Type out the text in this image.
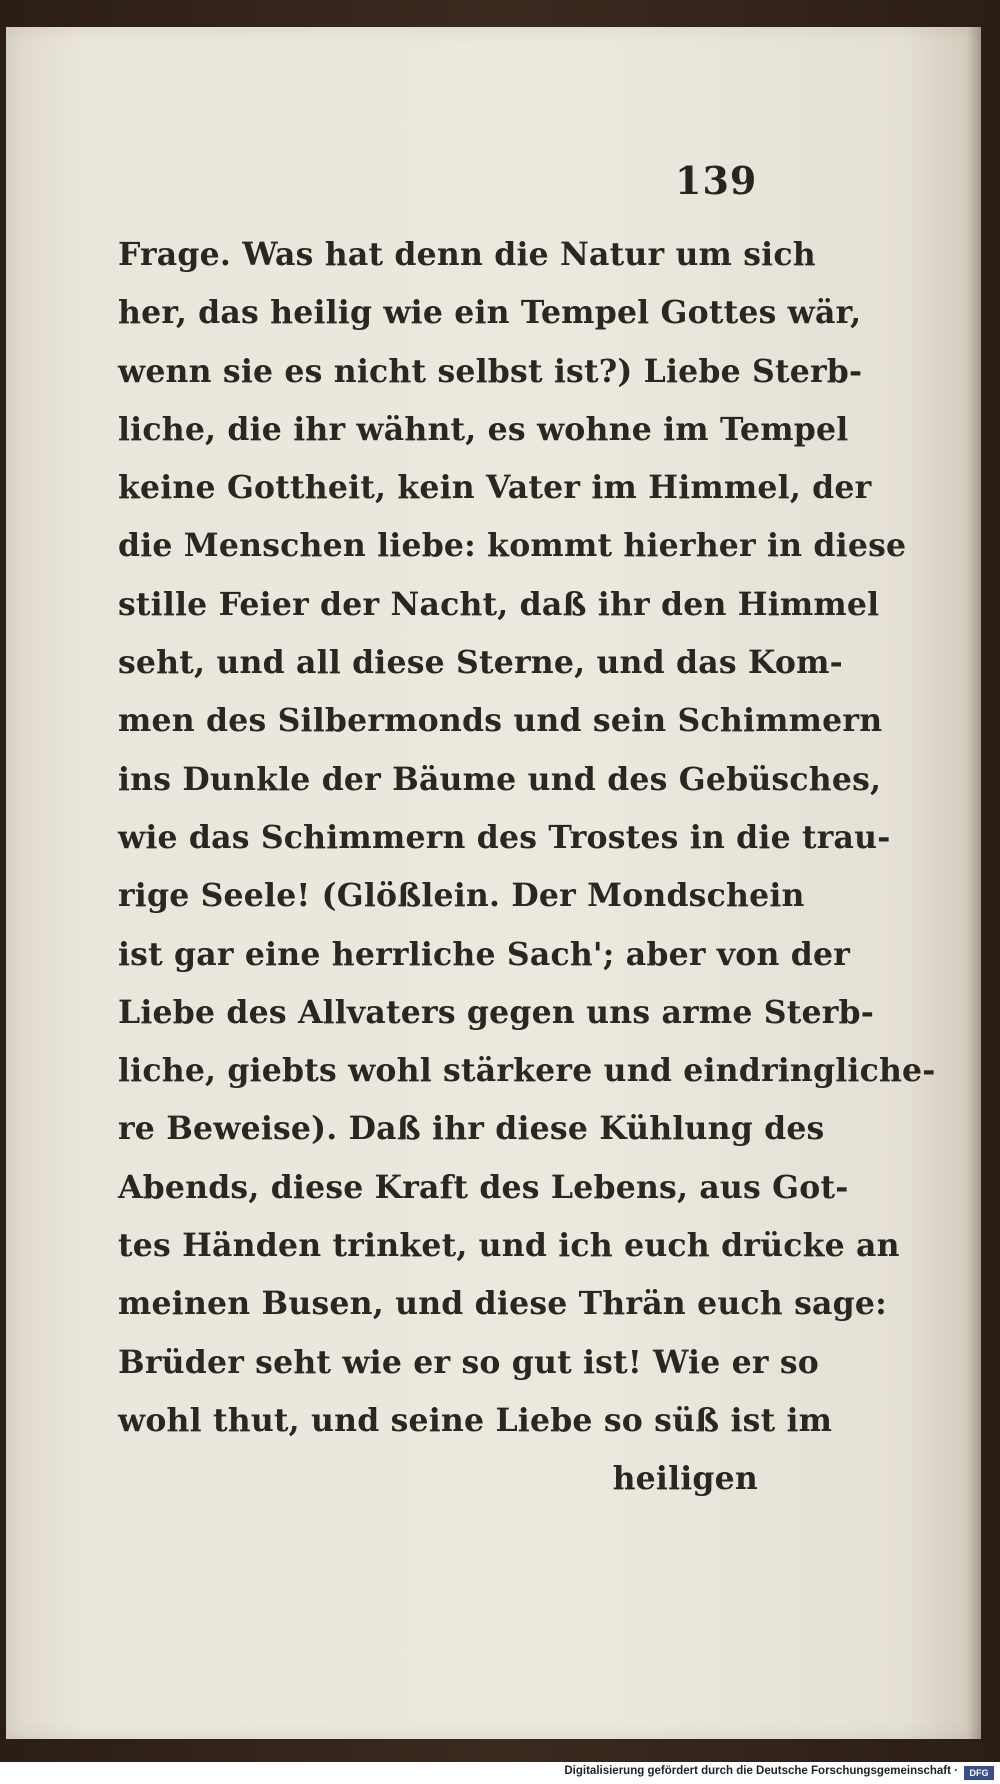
139
Frage. Was hat denn die Natur um sich
her, das heilig wie ein Tempel Gottes wär,
wenn sie es nicht selbst ist?) Liebe Sterb-
liche, die ihr wähnt, es wohne im Tempel
keine Gottheit, kein Vater im Himmel, der
die Menschen liebe: kommt hierher in diese
stille Feier der Nacht, daß ihr den Himmel
seht, und all diese Sterne, und das Kom-
men des Silbermonds und sein Schimmern
ins Dunkle der Bäume und des Gebüsches,
wie das Schimmern des Trostes in die trau-
rige Seele! (Glößlein. Der Mondschein
ist gar eine herrliche Sach'; aber von der
Liebe des Allvaters gegen uns arme Sterb-
liche, giebts wohl stärkere und eindringliche-
re Beweise). Daß ihr diese Kühlung des
Abends, diese Kraft des Lebens, aus Got-
tes Händen trinket, und ich euch drücke an
meinen Busen, und diese Thrän euch sage:
Brüder seht wie er so gut ist! Wie er so
wohl thut, und seine Liebe so süß ist im
heiligen
Digitalisierung gefördert durch die Deutsche Forschungsgemeinschaft ·	DFG
